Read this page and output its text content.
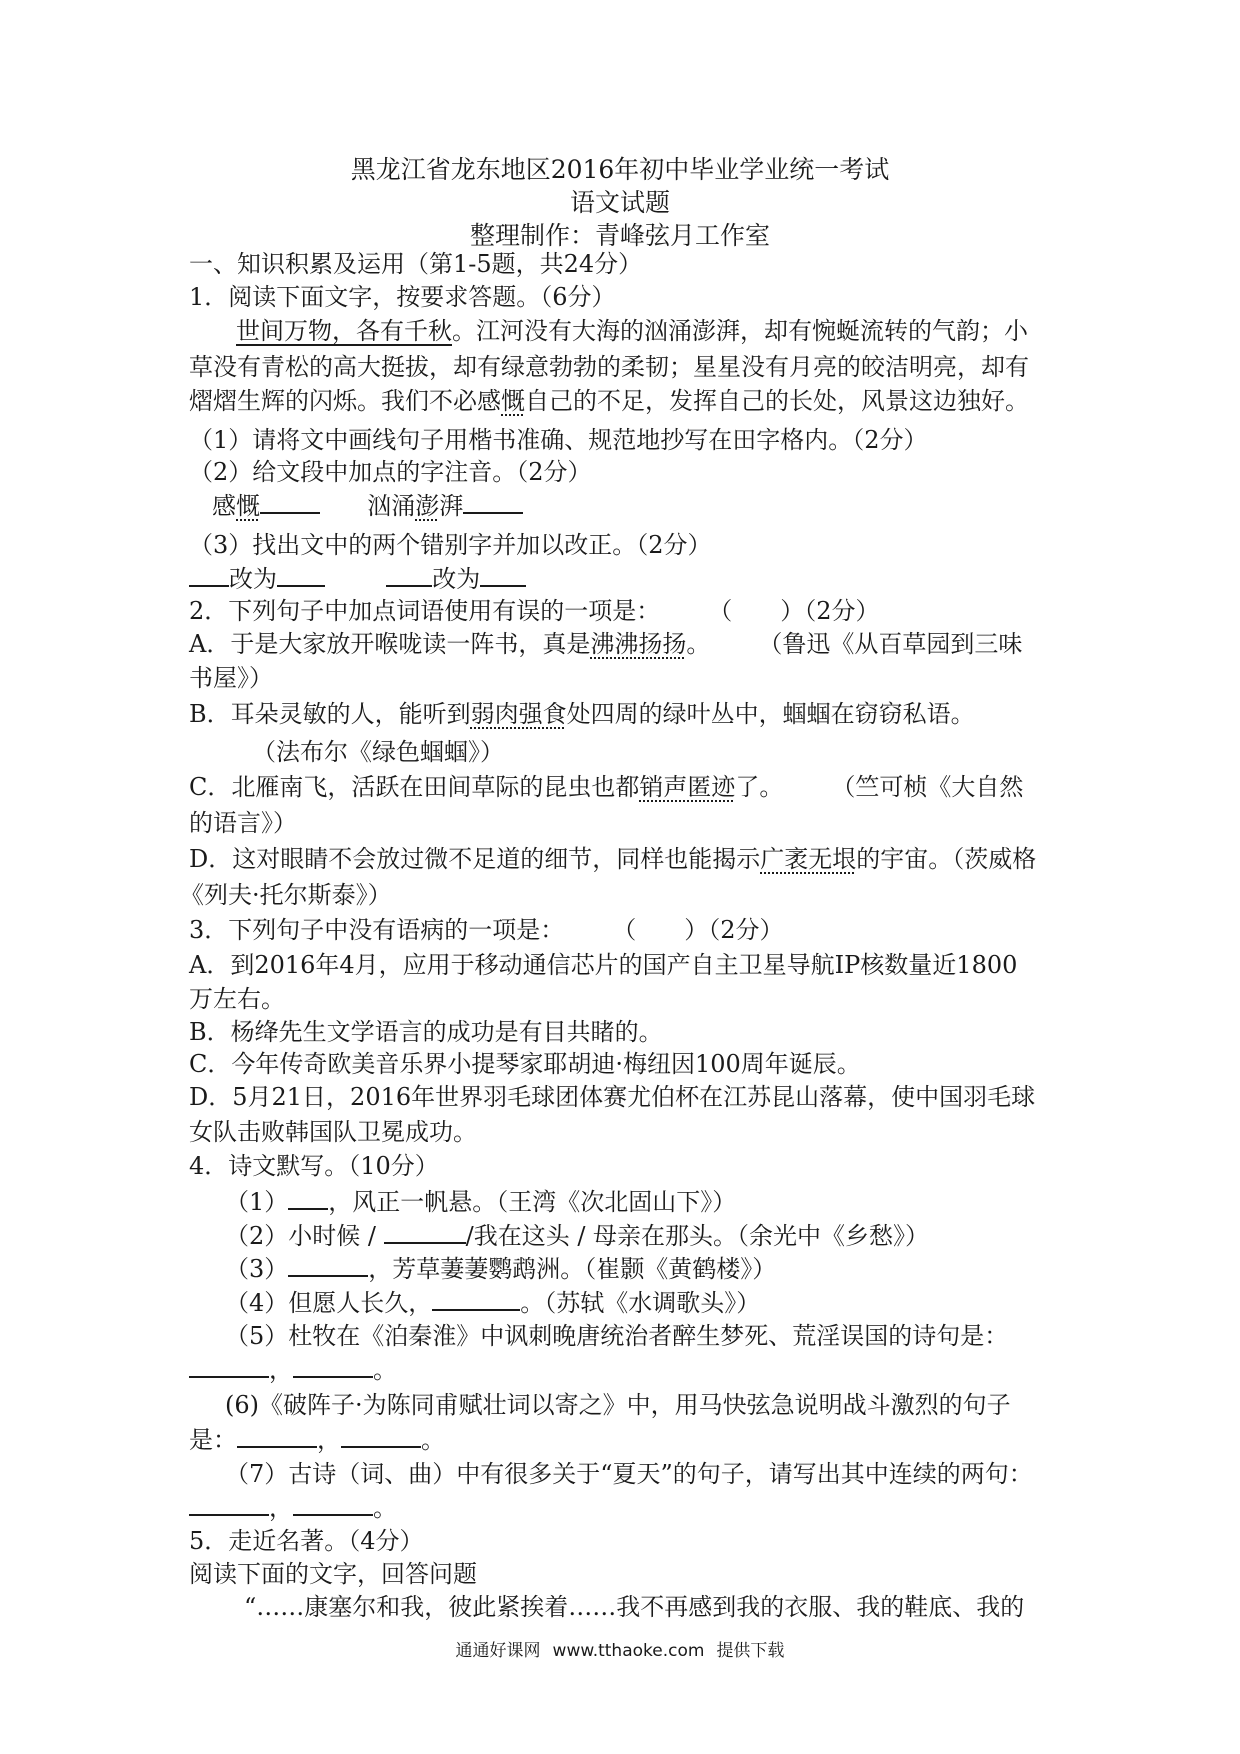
黑龙江省龙东地区2016年初中毕业学业统一考试
语文试题
整理制作：青峰弦月工作室
一、知识积累及运用（第1-5题，共24分）
1．阅读下面文字，按要求答题。（6分）
世间万物，各有千秋。江河没有大海的汹涌澎湃，却有惋蜒流转的气韵；小
草没有青松的高大挺拔，却有绿意勃勃的柔韧；星星没有月亮的皎洁明亮，却有
熠熠生辉的闪烁。我们不必感慨自己的不足，发挥自己的长处，风景这边独好。
（1）请将文中画线句子用楷书准确、规范地抄写在田字格内。（2分）
（2）给文段中加点的字注音。（2分）
感慨	汹涌澎湃
（3）找出文中的两个错别字并加以改正。（2分）
改为	改为
2．下列句子中加点词语使用有误的一项是：　　　（　　）（2分）
A．于是大家放开喉咙读一阵书，真是沸沸扬扬。　　　（鲁迅《从百草园到三味
书屋》）
B．耳朵灵敏的人，能听到弱肉强食处四周的绿叶丛中，蝈蝈在窃窃私语。
（法布尔《绿色蝈蝈》）
C．北雁南飞，活跃在田间草际的昆虫也都销声匿迹了。　　　（竺可桢《大自然
的语言》）
D．这对眼睛不会放过微不足道的细节，同样也能揭示广袤无垠的宇宙。（茨威格
《列夫·托尔斯泰》）
3．下列句子中没有语病的一项是：　　　（　　）（2分）
A．到2016年4月，应用于移动通信芯片的国产自主卫星导航IP核数量近1800
万左右。
B．杨绛先生文学语言的成功是有目共睹的。
C．今年传奇欧美音乐界小提琴家耶胡迪·梅纽因100周年诞辰。
D．5月21日，2016年世界羽毛球团体赛尤伯杯在江苏昆山落幕，使中国羽毛球
女队击败韩国队卫冕成功。
4．诗文默写。（10分）
（1） ，风正一帆悬。（王湾《次北固山下》）
（2）小时候 /	/我在这头 / 母亲在那头。（余光中《乡愁》）
（3）	，芳草萋萋鹦鹉洲。（崔颢《黄鹤楼》）
（4）但愿人长久，	。（苏轼《水调歌头》）
（5）杜牧在《泊秦淮》中讽刺晚唐统治者醉生梦死、荒淫误国的诗句是：
，	。
(6)《破阵子·为陈同甫赋壮词以寄之》中，用马快弦急说明战斗激烈的句子
是：	，	。
（7）古诗（词、曲）中有很多关于“夏天”的句子，请写出其中连续的两句：
，	。
5．走近名著。（4分）
阅读下面的文字，回答问题
“……康塞尔和我，彼此紧挨着……我不再感到我的衣服、我的鞋底、我的
通通好课网 www.tthaoke.com 提供下载
